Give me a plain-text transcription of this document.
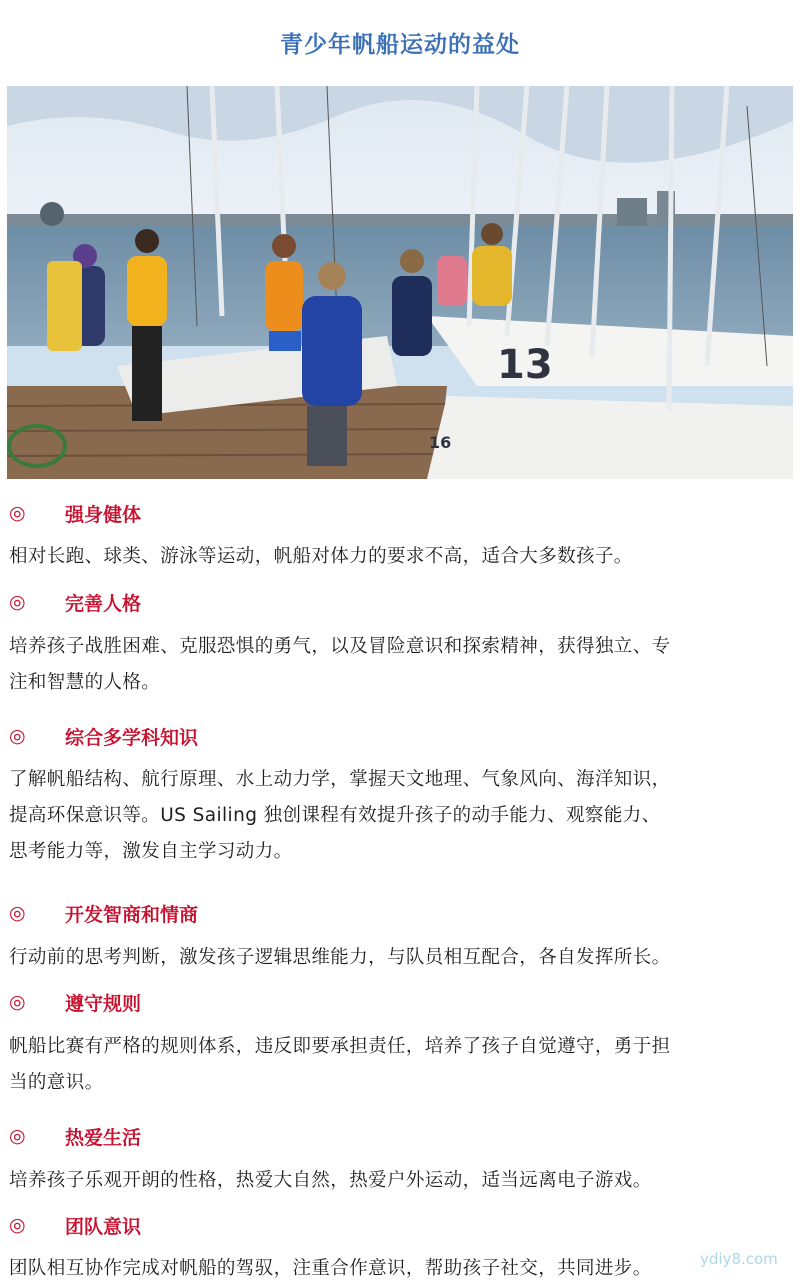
青少年帆船运动的益处
13
16
◎	强身健体
相对长跑、球类、游泳等运动，帆船对体力的要求不高，适合大多数孩子。
◎	完善人格
培养孩子战胜困难、克服恐惧的勇气，以及冒险意识和探索精神，获得独立、专
注和智慧的人格。
◎	综合多学科知识
了解帆船结构、航行原理、水上动力学，掌握天文地理、气象风向、海洋知识，
提高环保意识等。US Sailing 独创课程有效提升孩子的动手能力、观察能力、
思考能力等，激发自主学习动力。
◎	开发智商和情商
行动前的思考判断，激发孩子逻辑思维能力，与队员相互配合，各自发挥所长。
◎	遵守规则
帆船比赛有严格的规则体系，违反即要承担责任，培养了孩子自觉遵守，勇于担
当的意识。
◎	热爱生活
培养孩子乐观开朗的性格，热爱大自然，热爱户外运动，适当远离电子游戏。
◎	团队意识
团队相互协作完成对帆船的驾驭，注重合作意识，帮助孩子社交，共同进步。	ydiy8.com
